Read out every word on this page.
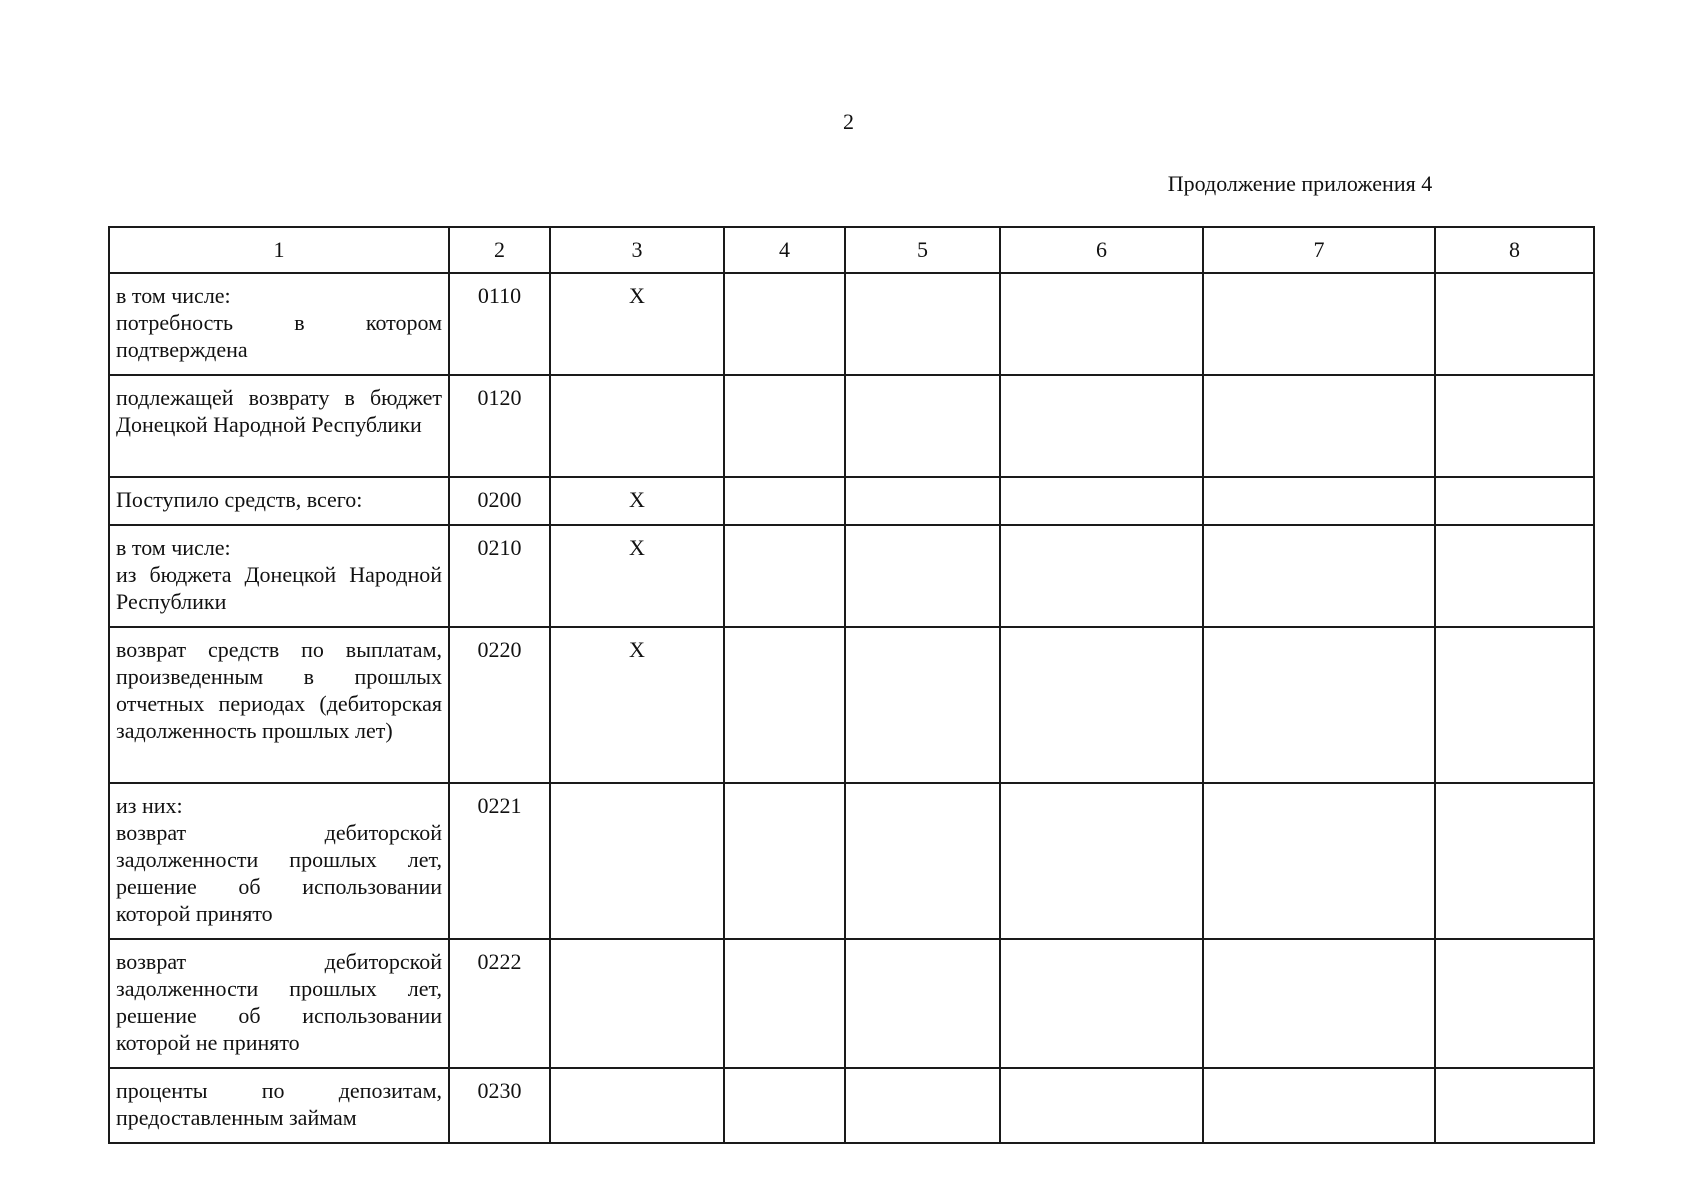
2
Продолжение приложения 4
1	2	3	4	5	6	7	8

в том числе:
потребность в котором подтверждена	0110	X					

подлежащей возврату в бюджет Донецкой Народной Республики	0120						

Поступило средств, всего:	0200	X					

в том числе:
из бюджета Донецкой Народной Республики	0210	X					

возврат средств по выплатам, произведенным в прошлых отчетных периодах (дебиторская задолженность прошлых лет)	0220	X					

из них:
возврат дебиторской задолженности прошлых лет, решение об использовании которой принято	0221						

возврат дебиторской задолженности прошлых лет, решение об использовании которой не принято	0222						

проценты по депозитам, предоставленным займам	0230						
